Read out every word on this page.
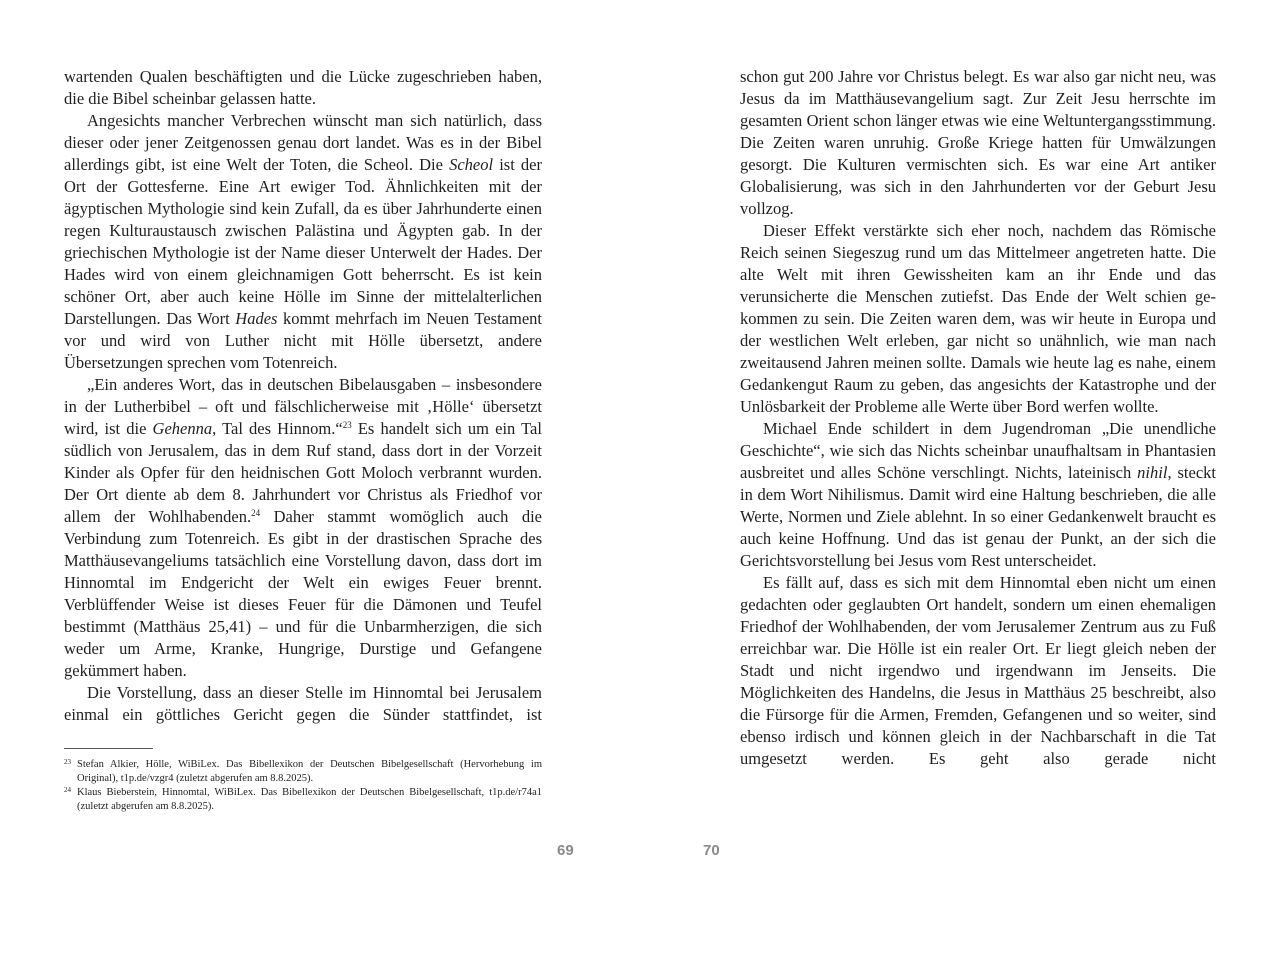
wartenden Qualen beschäftigten und die Lücke zugeschrieben haben, die die Bibel scheinbar gelassen hatte.

Angesichts mancher Verbrechen wünscht man sich natürlich, dass dieser oder jener Zeitgenossen genau dort landet. Was es in der Bibel allerdings gibt, ist eine Welt der Toten, die Scheol. Die Scheol ist der Ort der Gottesferne. Eine Art ewiger Tod. Ähnlichkeiten mit der ägyptischen Mythologie sind kein Zufall, da es über Jahrhunderte einen regen Kulturaustausch zwischen Palästina und Ägypten gab. In der griechischen Mythologie ist der Name dieser Unterwelt der Hades. Der Hades wird von einem gleichnamigen Gott beherrscht. Es ist kein schöner Ort, aber auch keine Hölle im Sinne der mittelalterlichen Darstellungen. Das Wort Hades kommt mehrfach im Neuen Testament vor und wird von Luther nicht mit Hölle übersetzt, andere Übersetzungen sprechen vom Totenreich.

„Ein anderes Wort, das in deutschen Bibelausgaben – insbesondere in der Lutherbibel – oft und fälschlicherweise mit ‚Hölle‘ übersetzt wird, ist die Gehenna, Tal des Hinnom.“$^{23}$ Es handelt sich um ein Tal südlich von Jerusalem, das in dem Ruf stand, dass dort in der Vorzeit Kinder als Opfer für den heidnischen Gott Moloch verbrannt wurden. Der Ort diente ab dem 8. Jahrhundert vor Christus als Friedhof vor allem der Wohlhabenden.$^{24}$ Daher stammt womöglich auch die Verbindung zum Totenreich. Es gibt in der drastischen Sprache des Matthäusevangeliums tatsächlich eine Vorstellung davon, dass dort im Hinnomtal im Endgericht der Welt ein ewiges Feuer brennt. Verblüffender Weise ist dieses Feuer für die Dämonen und Teufel bestimmt (Matthäus 25,41) – und für die Unbarmherzigen, die sich weder um Arme, Kranke, Hungrige, Durstige und Gefangene gekümmert haben.

Die Vorstellung, dass an dieser Stelle im Hinnomtal bei Jerusalem einmal ein göttliches Gericht gegen die Sünder stattfindet, ist

23 Stefan Alkier, Hölle, WiBiLex. Das Bibellexikon der Deutschen Bibelgesellschaft (Hervorhebung im Original), t1p.de/vzgr4 (zuletzt abgerufen am 8.8.2025).
24 Klaus Bieberstein, Hinnomtal, WiBiLex. Das Bibellexikon der Deutschen Bibelgesellschaft, t1p.de/r74a1 (zuletzt abgerufen am 8.8.2025).

schon gut 200 Jahre vor Christus belegt. Es war also gar nicht neu, was Jesus da im Matthäusevangelium sagt. Zur Zeit Jesu herrschte im gesamten Orient schon länger etwas wie eine Weltuntergangsstimmung. Die Zeiten waren unruhig. Große Kriege hatten für Umwälzungen gesorgt. Die Kulturen vermischten sich. Es war eine Art antiker Globalisierung, was sich in den Jahrhunderten vor der Geburt Jesu vollzog.

Dieser Effekt verstärkte sich eher noch, nachdem das Römische Reich seinen Siegeszug rund um das Mittelmeer angetreten hatte. Die alte Welt mit ihren Gewissheiten kam an ihr Ende und das verunsicherte die Menschen zutiefst. Das Ende der Welt schien gekommen zu sein. Die Zeiten waren dem, was wir heute in Europa und der westlichen Welt erleben, gar nicht so unähnlich, wie man nach zweitausend Jahren meinen sollte. Damals wie heute lag es nahe, einem Gedankengut Raum zu geben, das angesichts der Katastrophe und der Unlösbarkeit der Probleme alle Werte über Bord werfen wollte.

Michael Ende schildert in dem Jugendroman „Die unendliche Geschichte“, wie sich das Nichts scheinbar unaufhaltsam in Phantasien ausbreitet und alles Schöne verschlingt. Nichts, lateinisch nihil, steckt in dem Wort Nihilismus. Damit wird eine Haltung beschrieben, die alle Werte, Normen und Ziele ablehnt. In so einer Gedankenwelt braucht es auch keine Hoffnung. Und das ist genau der Punkt, an der sich die Gerichtsvorstellung bei Jesus vom Rest unterscheidet.

Es fällt auf, dass es sich mit dem Hinnomtal eben nicht um einen gedachten oder geglaubten Ort handelt, sondern um einen ehemaligen Friedhof der Wohlhabenden, der vom Jerusalemer Zentrum aus zu Fuß erreichbar war. Die Hölle ist ein realer Ort. Er liegt gleich neben der Stadt und nicht irgendwo und irgendwann im Jenseits. Die Möglichkeiten des Handelns, die Jesus in Matthäus 25 beschreibt, also die Fürsorge für die Armen, Fremden, Gefangenen und so weiter, sind ebenso irdisch und können gleich in der Nachbarschaft in die Tat umgesetzt werden. Es geht also gerade nicht

69	70
